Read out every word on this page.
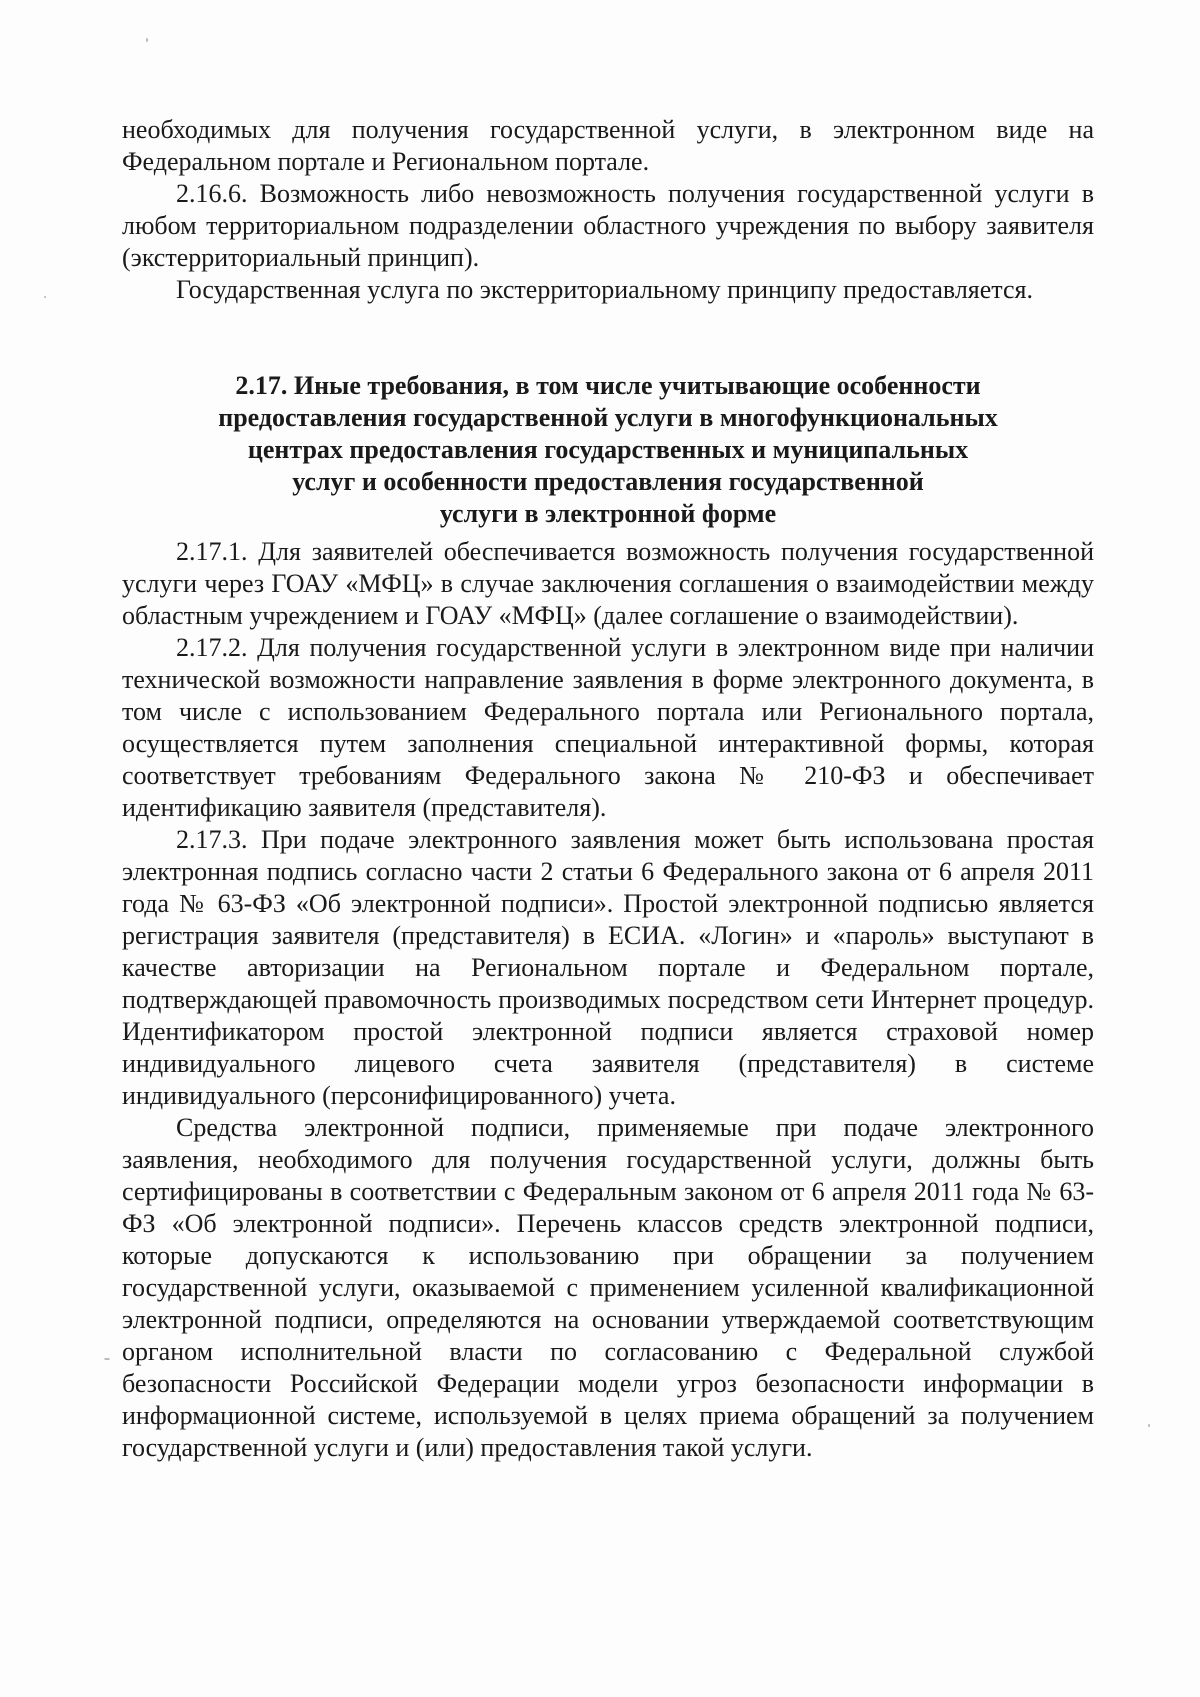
необходимых для получения государственной услуги, в электронном виде на Федеральном портале и Региональном портале.

2.16.6. Возможность либо невозможность получения государственной услуги в любом территориальном подразделении областного учреждения по выбору заявителя (экстерриториальный принцип).

Государственная услуга по экстерриториальному принципу предоставляется.

2.17. Иные требования, в том числе учитывающие особенности
предоставления государственной услуги в многофункциональных
центрах предоставления государственных и муниципальных
услуг и особенности предоставления государственной
услуги в электронной форме

2.17.1. Для заявителей обеспечивается возможность получения государственной услуги через ГОАУ «МФЦ» в случае заключения соглашения о взаимодействии между областным учреждением и ГОАУ «МФЦ» (далее соглашение о взаимодействии).

2.17.2. Для получения государственной услуги в электронном виде при наличии технической возможности направление заявления в форме электронного документа, в том числе с использованием Федерального портала или Регионального портала, осуществляется путем заполнения специальной интерактивной формы, которая соответствует требованиям Федерального закона № 210-ФЗ и обеспечивает идентификацию заявителя (представителя).

2.17.3. При подаче электронного заявления может быть использована простая электронная подпись согласно части 2 статьи 6 Федерального закона от 6 апреля 2011 года № 63-ФЗ «Об электронной подписи». Простой электронной подписью является регистрация заявителя (представителя) в ЕСИА. «Логин» и «пароль» выступают в качестве авторизации на Региональном портале и Федеральном портале, подтверждающей правомочность производимых посредством сети Интернет процедур. Идентификатором простой электронной подписи является страховой номер индивидуального лицевого счета заявителя (представителя) в системе индивидуального (персонифицированного) учета.

Средства электронной подписи, применяемые при подаче электронного заявления, необходимого для получения государственной услуги, должны быть сертифицированы в соответствии с Федеральным законом от 6 апреля 2011 года № 63-ФЗ «Об электронной подписи». Перечень классов средств электронной подписи, которые допускаются к использованию при обращении за получением государственной услуги, оказываемой с применением усиленной квалификационной электронной подписи, определяются на основании утверждаемой соответствующим органом исполнительной власти по согласованию с Федеральной службой безопасности Российской Федерации модели угроз безопасности информации в информационной системе, используемой в целях приема обращений за получением государственной услуги и (или) предоставления такой услуги.
